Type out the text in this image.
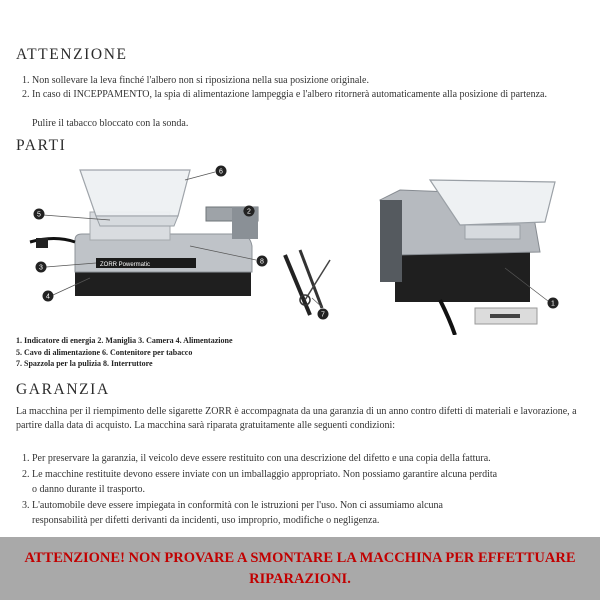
ATTENZIONE
1. Non sollevare la leva finché l'albero non si riposiziona nella sua posizione originale.
2. In caso di INCEPPAMENTO, la spia di alimentazione lampeggia e l'albero ritornerà automaticamente alla posizione di partenza.

Pulire il tabacco bloccato con la sonda.

PARTI
ZORR Powermatic
5
3
4
6
2
8
7
1
1. Indicatore di energia 2. Maniglia 3. Camera 4. Alimentazione
5. Cavo di alimentazione 6. Contenitore per tabacco
7. Spazzola per la pulizia 8. Interruttore
GARANZIA

La macchina per il riempimento delle sigarette ZORR è accompagnata da una garanzia di un anno contro difetti di materiali e lavorazione, a partire dalla data di acquisto. La macchina sarà riparata gratuitamente alle seguenti condizioni:

1. Per preservare la garanzia, il veicolo deve essere restituito con una descrizione del difetto e una copia della fattura.
2. Le macchine restituite devono essere inviate con un imballaggio appropriato. Non possiamo garantire alcuna perdita o danno durante il trasporto.
3. L'automobile deve essere impiegata in conformità con le istruzioni per l'uso. Non ci assumiamo alcuna responsabilità per difetti derivanti da incidenti, uso improprio, modifiche o negligenza.

ATTENZIONE! NON PROVARE A SMONTARE LA MACCHINA PER EFFETTUARE RIPARAZIONI.
